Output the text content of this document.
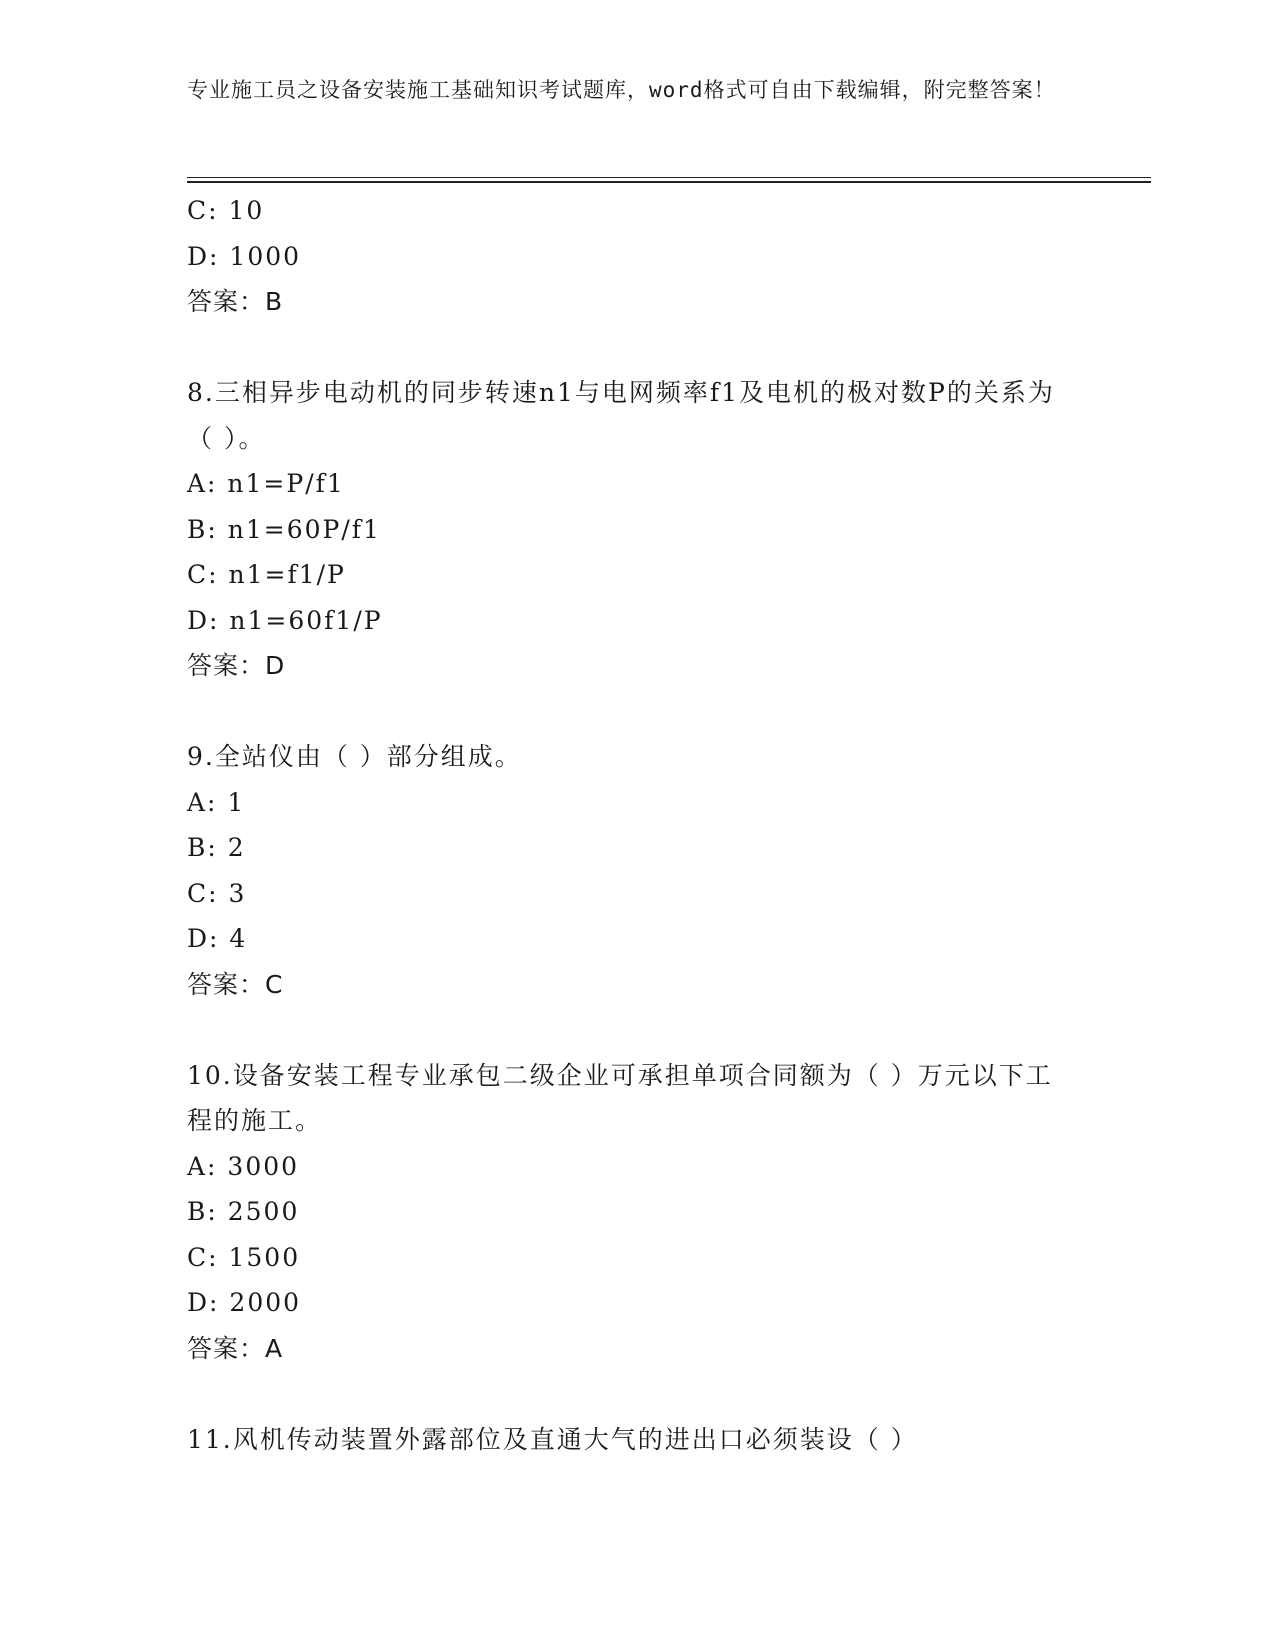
专业施工员之设备安装施工基础知识考试题库，word格式可自由下载编辑，附完整答案！
C: 10
D: 1000
答案：B
8.三相异步电动机的同步转速n1与电网频率f1及电机的极对数P的关系为（ ）。
A: n1=P/f1
B: n1=60P/f1
C: n1=f1/P
D: n1=60f1/P
答案：D
9.全站仪由（ ）部分组成。
A: 1
B: 2
C: 3
D: 4
答案：C
10.设备安装工程专业承包二级企业可承担单项合同额为（ ）万元以下工程的施工。
A: 3000
B: 2500
C: 1500
D: 2000
答案：A
11.风机传动装置外露部位及直通大气的进出口必须装设（ ）
